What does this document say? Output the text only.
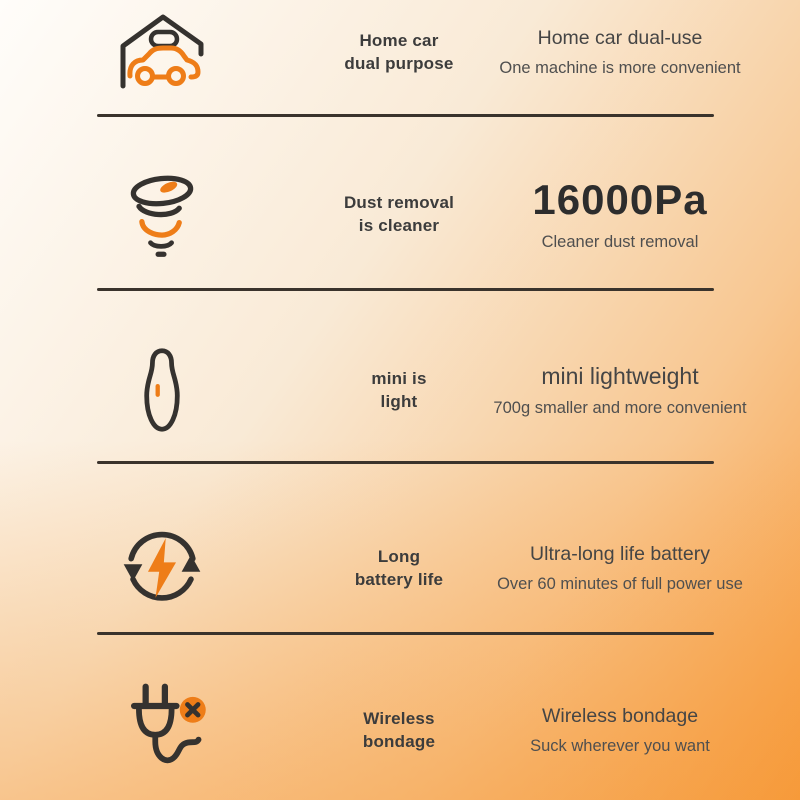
Home car
dual purpose
Home car dual-use
One machine is more convenient
Dust removal
is cleaner
16000Pa
Cleaner dust removal
mini is
light
mini lightweight
700g smaller and more convenient
Long
battery life
Ultra-long life battery
Over 60 minutes of full power use
Wireless
bondage
Wireless bondage
Suck wherever you want
